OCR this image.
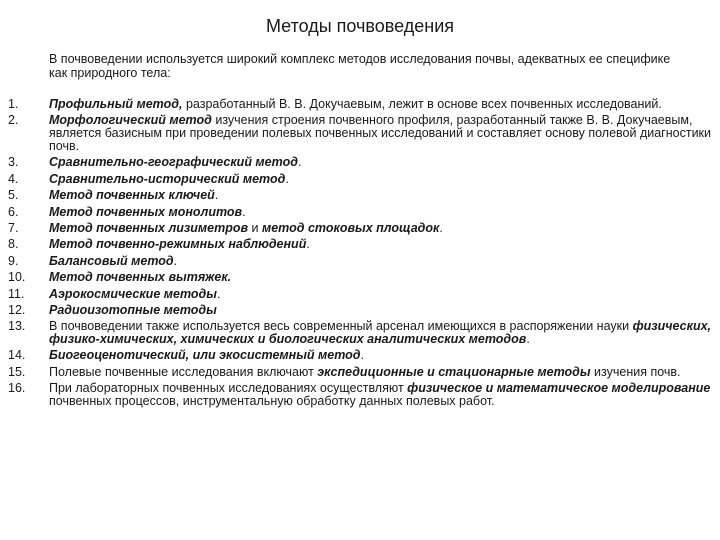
Методы почвоведения
В почвоведении используется широкий комплекс методов исследования почвы, адекватных ее специфике как природного тела:
1.	Профильный метод, разработанный В. В. Докучаевым, лежит в основе всех почвенных исследований.
2.	Морфологический метод изучения строения почвенного профиля, разработанный также В. В. Докучаевым, является базисным при проведении полевых почвенных исследований и составляет основу полевой диагностики почв.
3.	Сравнительно-географический метод.
4.	Сравнительно-исторический метод.
5.	Метод почвенных ключей.
6.	Метод почвенных монолитов.
7.	Метод почвенных лизиметров и метод стоковых площадок.
8.	Метод почвенно-режимных наблюдений.
9.	Балансовый метод.
10.	Метод почвенных вытяжек.
11.	Аэрокосмические методы.
12.	Радиоизотопные методы
13.	В почвоведении также используется весь современный арсенал имеющихся в распоряжении науки физических, физико-химических, химических и биологических аналитических методов.
14.	Биогеоценотический, или экосистемный метод.
15.	Полевые почвенные исследования включают экспедиционные и стационарные методы изучения почв.
16.	При лабораторных почвенных исследованиях осуществляют физическое и математическое моделирование почвенных процессов, инструментальную обработку данных полевых работ.
